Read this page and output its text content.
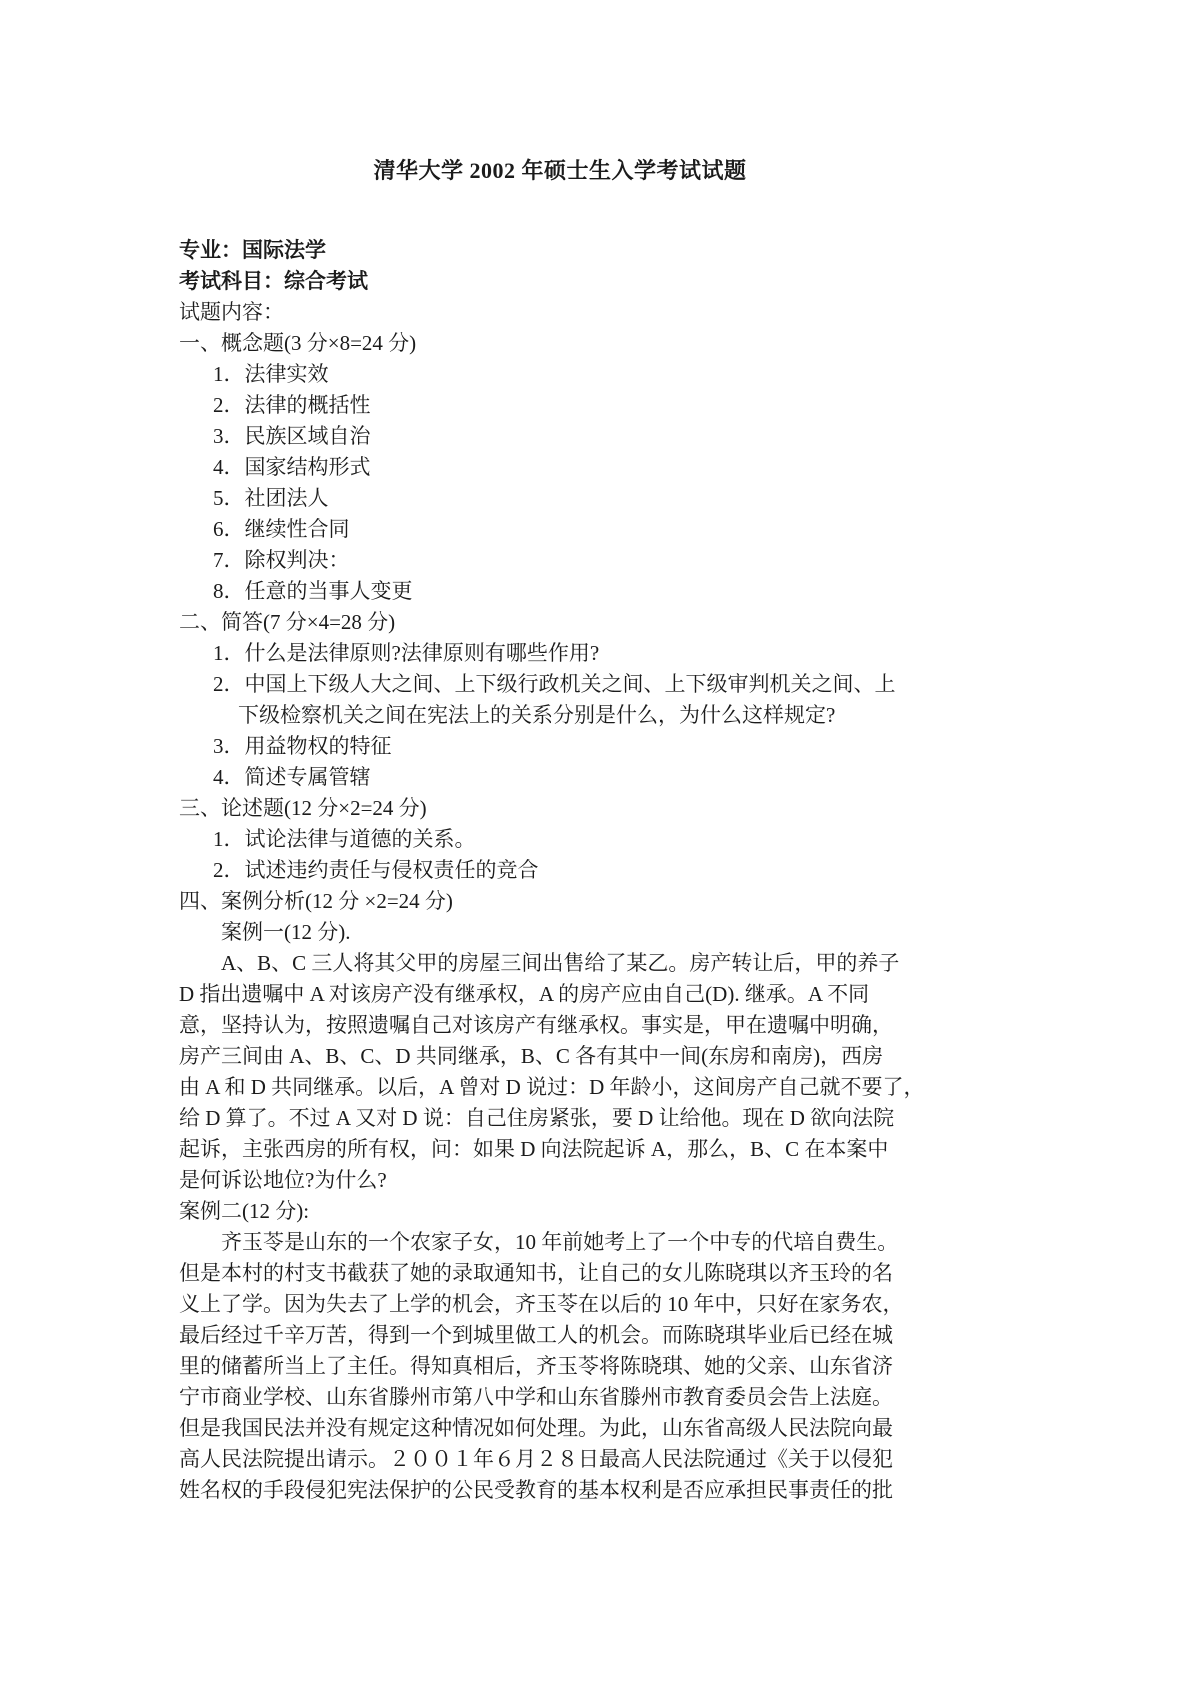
清华大学 2002 年硕士生入学考试试题
专业：国际法学
考试科目：综合考试
试题内容：
一、概念题(3 分×8=24 分)
1．法律实效
2．法律的概括性
3．民族区域自治
4．国家结构形式
5．社团法人
6．继续性合同
7．除权判决：
8．任意的当事人变更
二、简答(7 分×4=28 分)
1．什么是法律原则?法律原则有哪些作用?
2．中国上下级人大之间、上下级行政机关之间、上下级审判机关之间、上
下级检察机关之间在宪法上的关系分别是什么，为什么这样规定?
3．用益物权的特征
4．简述专属管辖
三、论述题(12 分×2=24 分)
1．试论法律与道德的关系。
2．试述违约责任与侵权责任的竞合
四、案例分析(12 分 ×2=24 分)
案例一(12 分).
A、B、C 三人将其父甲的房屋三间出售给了某乙。房产转让后，甲的养子
D 指出遗嘱中 A 对该房产没有继承权，A 的房产应由自己(D). 继承。A 不同
意，坚持认为，按照遗嘱自己对该房产有继承权。事实是，甲在遗嘱中明确，
房产三间由 A、B、C、D 共同继承，B、C 各有其中一间(东房和南房)，西房
由 A 和 D 共同继承。以后，A 曾对 D 说过：D 年龄小，这间房产自己就不要了，
给 D 算了。不过 A 又对 D 说：自己住房紧张，要 D 让给他。现在 D 欲向法院
起诉，主张西房的所有权，问：如果 D 向法院起诉 A，那么，B、C 在本案中
是何诉讼地位?为什么?
案例二(12 分):
齐玉苓是山东的一个农家子女，10 年前她考上了一个中专的代培自费生。
但是本村的村支书截获了她的录取通知书，让自己的女儿陈晓琪以齐玉玲的名
义上了学。因为失去了上学的机会，齐玉苓在以后的 10 年中，只好在家务农，
最后经过千辛万苦，得到一个到城里做工人的机会。而陈晓琪毕业后已经在城
里的储蓄所当上了主任。得知真相后，齐玉苓将陈晓琪、她的父亲、山东省济
宁市商业学校、山东省滕州市第八中学和山东省滕州市教育委员会告上法庭。
但是我国民法并没有规定这种情况如何处理。为此，山东省高级人民法院向最
高人民法院提出请示。２００１年６月２８日最高人民法院通过《关于以侵犯
姓名权的手段侵犯宪法保护的公民受教育的基本权利是否应承担民事责任的批
